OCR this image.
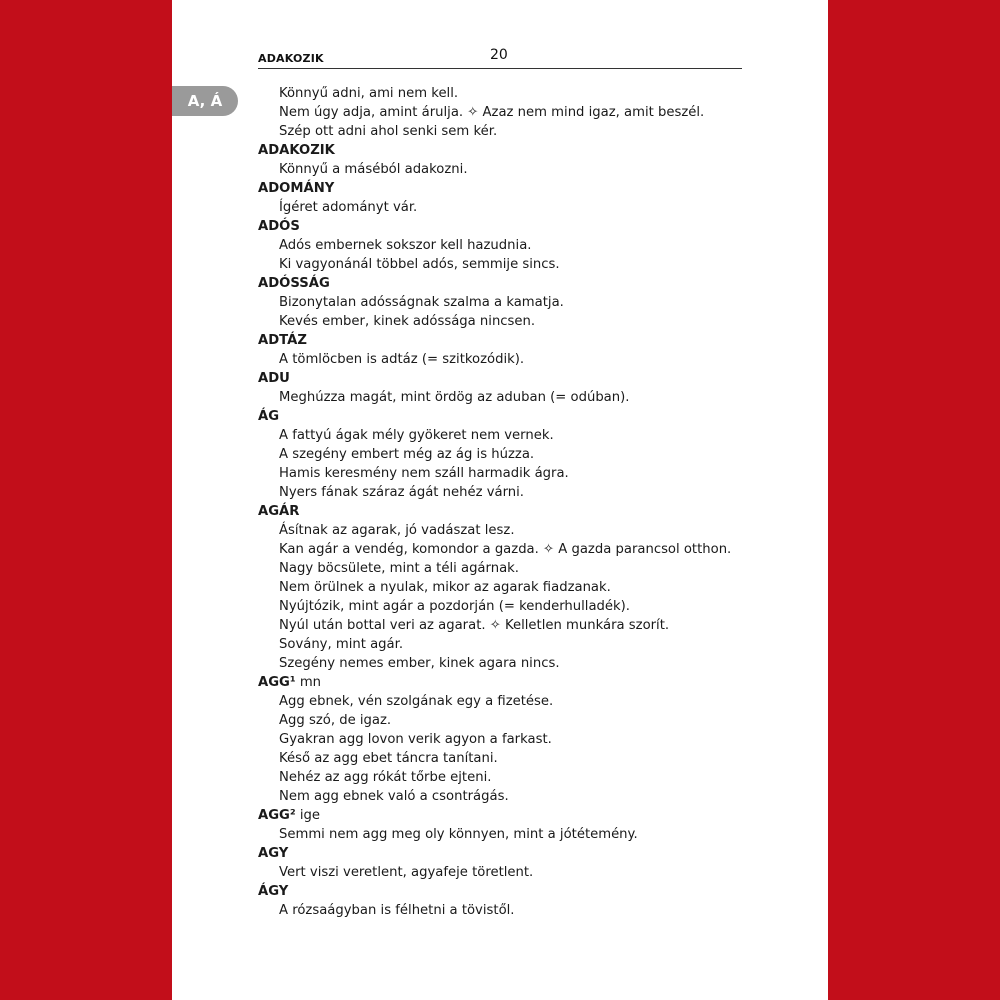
ADAKOZIK	20
A, Á	Könnyű adni, ami nem kell.
Nem úgy adja, amint árulja. ✧ Azaz nem mind igaz, amit beszél.
Szép ott adni ahol senki sem kér.
ADAKOZIK
Könnyű a máséból adakozni.
ADOMÁNY
Ígéret adományt vár.
ADÓS
Adós embernek sokszor kell hazudnia.
Ki vagyonánál többel adós, semmije sincs.
ADÓSSÁG
Bizonytalan adósságnak szalma a kamatja.
Kevés ember, kinek adóssága nincsen.
ADTÁZ
A tömlöcben is adtáz (= szitkozódik).
ADU
Meghúzza magát, mint ördög az aduban (= odúban).
ÁG
A fattyú ágak mély gyökeret nem vernek.
A szegény embert még az ág is húzza.
Hamis keresmény nem száll harmadik ágra.
Nyers fának száraz ágát nehéz várni.
AGÁR
Ásítnak az agarak, jó vadászat lesz.
Kan agár a vendég, komondor a gazda. ✧ A gazda parancsol otthon.
Nagy böcsülete, mint a téli agárnak.
Nem örülnek a nyulak, mikor az agarak fiadzanak.
Nyújtózik, mint agár a pozdorján (= kenderhulladék).
Nyúl után bottal veri az agarat. ✧ Kelletlen munkára szorít.
Sovány, mint agár.
Szegény nemes ember, kinek agara nincs.
AGG¹ mn
Agg ebnek, vén szolgának egy a fizetése.
Agg szó, de igaz.
Gyakran agg lovon verik agyon a farkast.
Késő az agg ebet táncra tanítani.
Nehéz az agg rókát tőrbe ejteni.
Nem agg ebnek való a csontrágás.
AGG² ige
Semmi nem agg meg oly könnyen, mint a jótétemény.
AGY
Vert viszi veretlent, agyafeje töretlent.
ÁGY
A rózsaágyban is félhetni a tövistől.
